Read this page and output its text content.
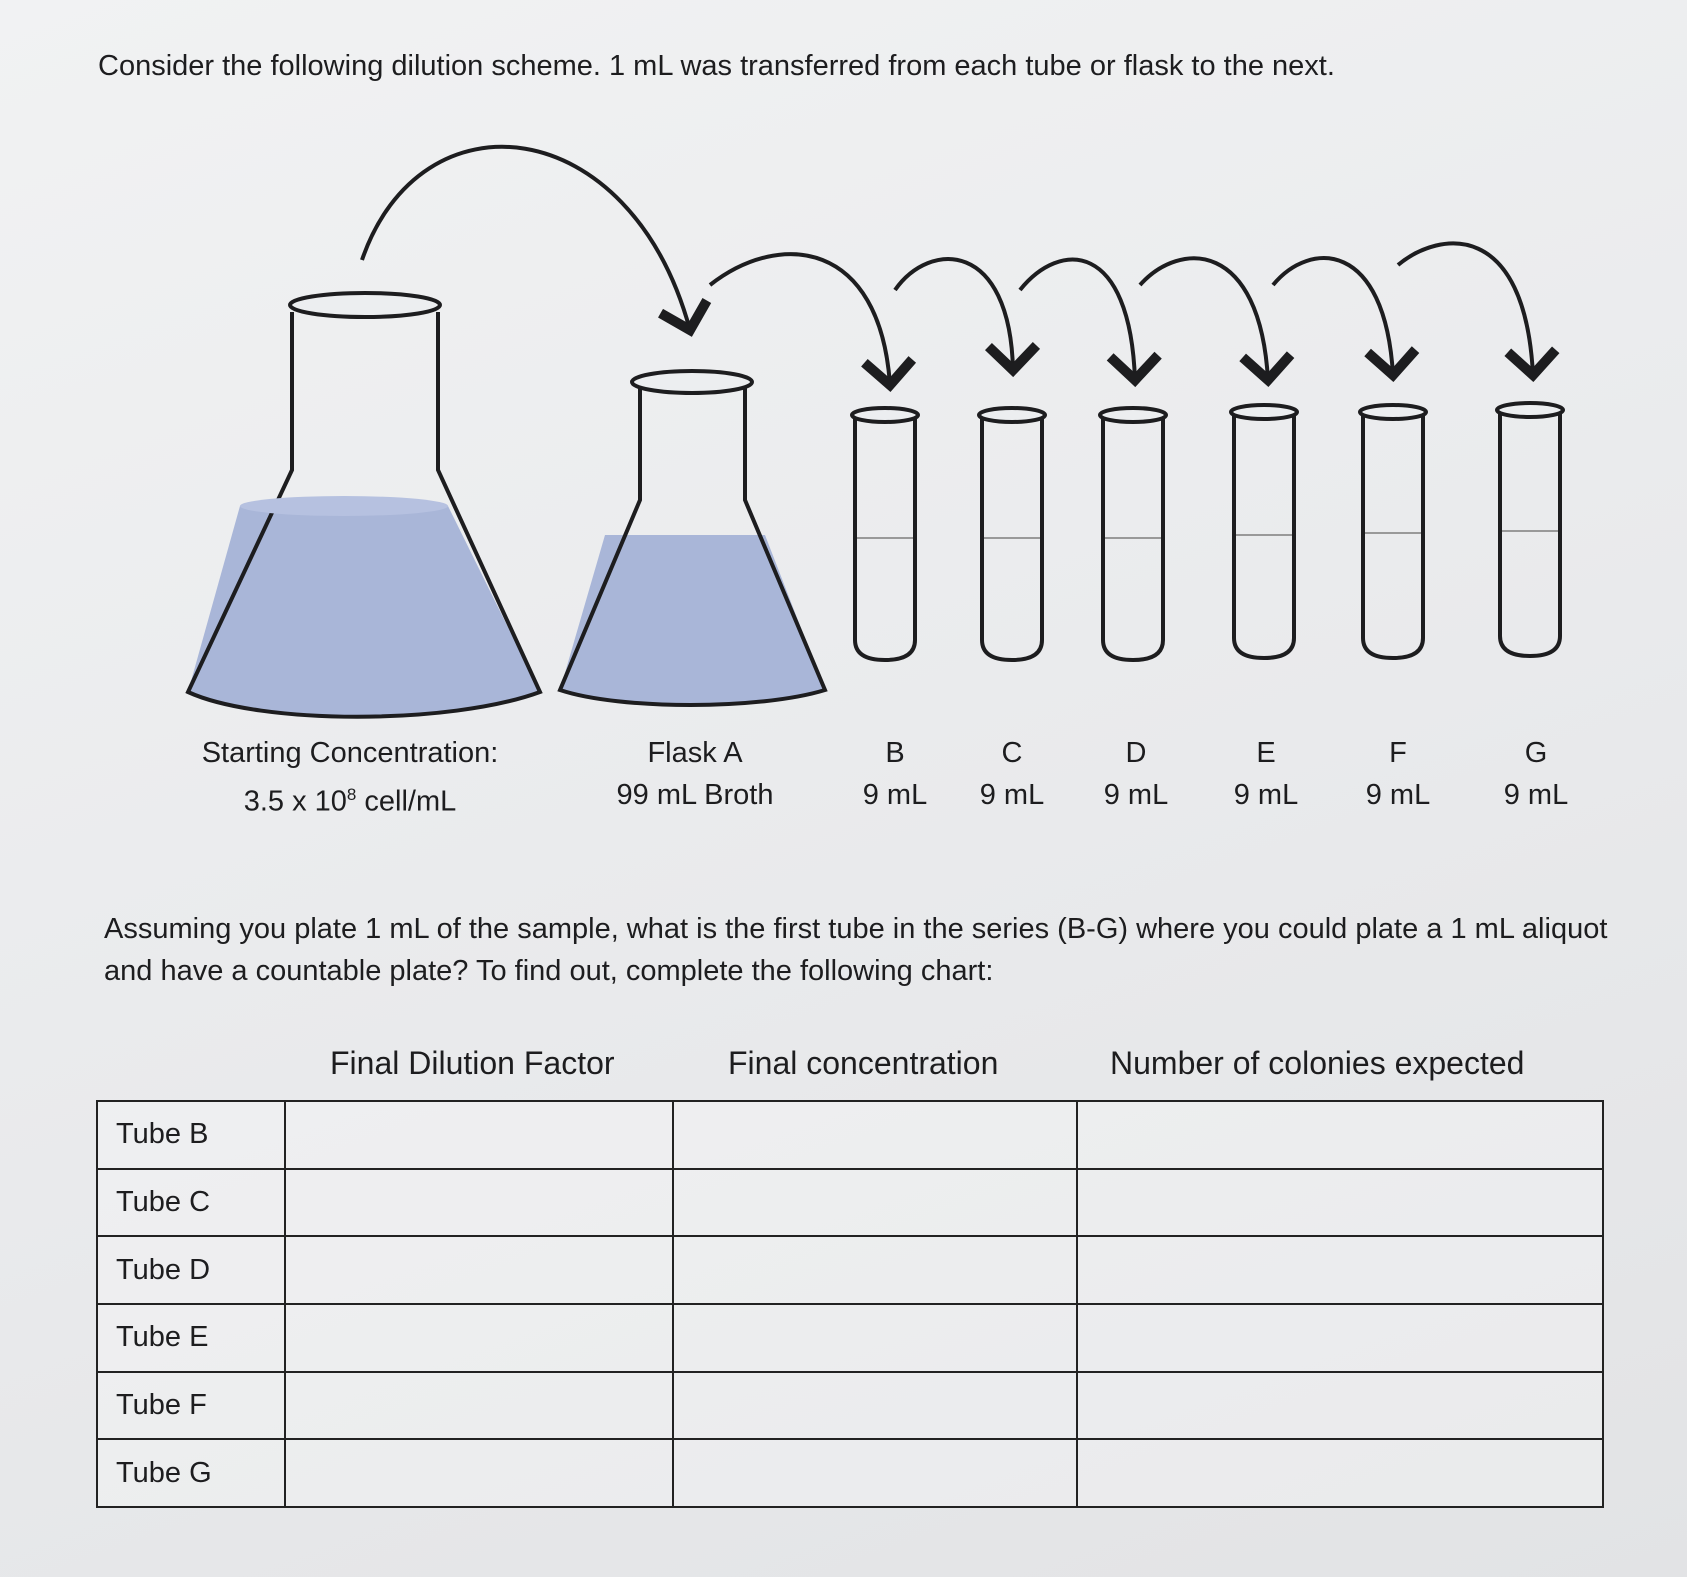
Consider the following dilution scheme. 1 mL was transferred from each tube or flask to the next.
Starting Concentration:
3.5 x $10^8$ cell/mL
Flask A
99 mL Broth
B
9 mL
C
9 mL
D
9 mL
E
9 mL
F
9 mL
G
9 mL
Assuming you plate 1 mL of the sample, what is the first tube in the series (B-G) where you could plate a 1 mL aliquot and have a countable plate? To find out, complete the following chart:
Final Dilution Factor	Final concentration	Number of colonies expected
Tube B			
Tube C			
Tube D			
Tube E			
Tube F			
Tube G			
